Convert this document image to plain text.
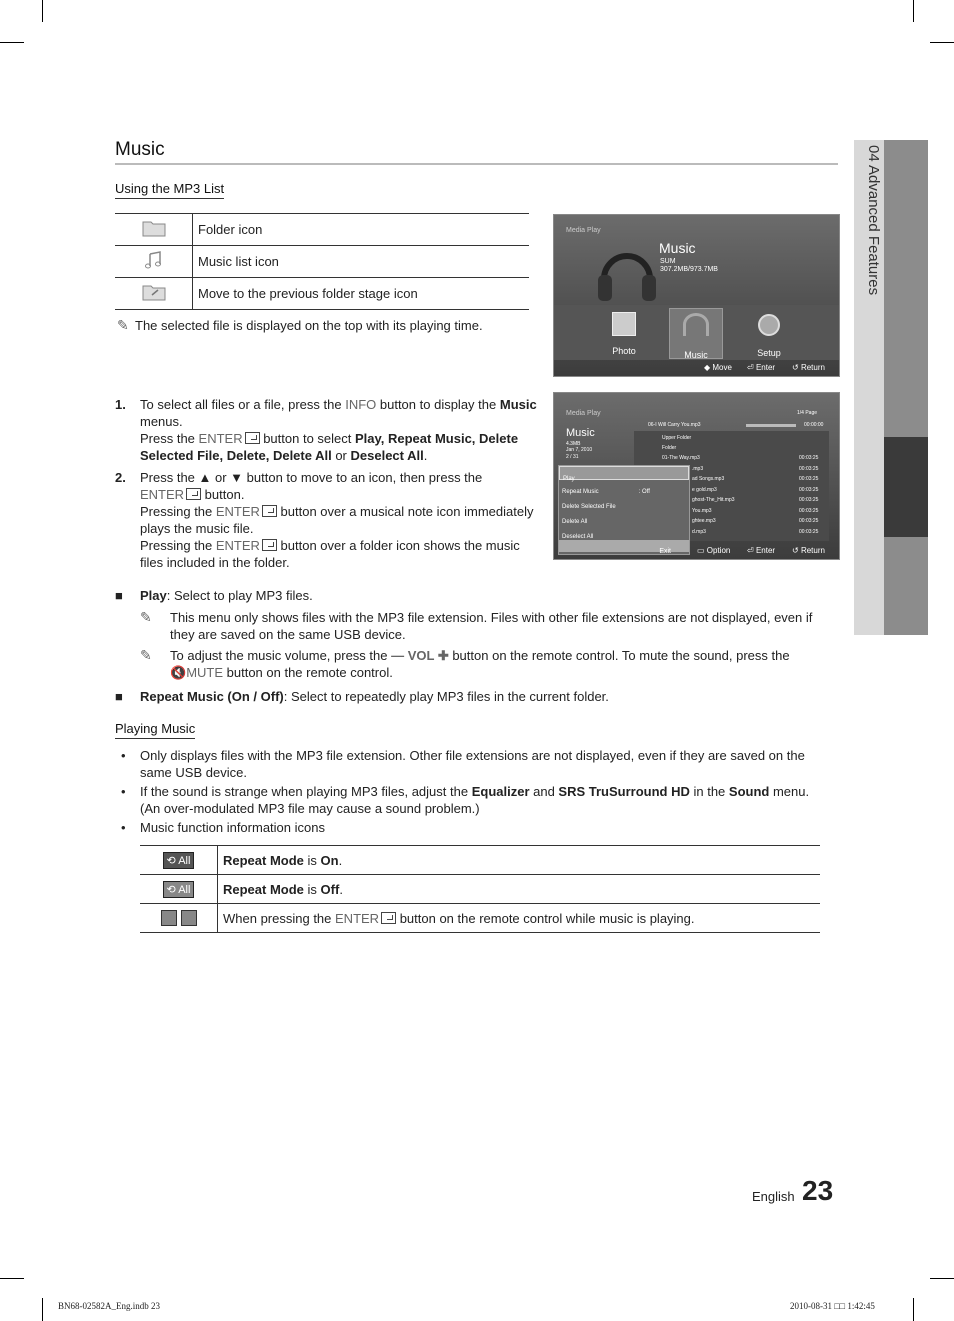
04 Advanced Features
Music
Using the MP3 List
	Folder icon
	Music list icon
	Move to the previous folder stage icon
✎ The selected file is displayed on the top with its playing time.
Media Play
Music
SUM
307.2MB/973.7MB
Photo	Music	Setup
◆ Move ⏎ Enter ↺ Return
Media Play
Music
4.3MB
Jan 7, 2010
2 / 31
06-I Will Carry You.mp3	00:00:00
1/4 Page
Upper Folder
Folder
01-The Way.mp3
.mp3
ad Songs.mp3
e gold.mp3
ghost-The_Hit.mp3
You.mp3
ghtee.mp3
d.mp3
00:03:25
00:03:25
00:03:25
00:03:25
00:03:25
00:03:25
00:03:25
00:03:25
Play
Repeat Music	: Off
Delete Selected File
Delete All
Deselect All
Exit	▭ Option ⏎ Enter ↺ Return
1. To select all files or a file, press the INFO button to display the Music
menus.
Press the ENTER button to select Play, Repeat Music, Delete Selected File, Delete, Delete All or Deselect All.
2. Press the ▲ or ▼ button to move to an icon, then press the
ENTER button.
Pressing the ENTER button over a musical note icon immediately plays the music file.
Pressing the ENTER button over a folder icon shows the music files included in the folder.
■ Play: Select to play MP3 files.
✎	This menu only shows files with the MP3 file extension. Files with other file extensions are not displayed, even if they are saved on the same USB device.
✎	To adjust the music volume, press the — VOL ✚ button on the remote control. To mute the sound, press the
🔇MUTE button on the remote control.
■ Repeat Music (On / Off): Select to repeatedly play MP3 files in the current folder.
Playing Music
• Only displays files with the MP3 file extension. Other file extensions are not displayed, even if they are saved on the same USB device.
• If the sound is strange when playing MP3 files, adjust the Equalizer and SRS TruSurround HD in the Sound menu. (An over-modulated MP3 file may cause a sound problem.)
• Music function information icons
⟲ All	Repeat Mode is On.
⟲ All	Repeat Mode is Off.
	When pressing the ENTER button on the remote control while music is playing.
English 23
BN68-02582A_Eng.indb 23	2010-08-31 □□ 1:42:45
